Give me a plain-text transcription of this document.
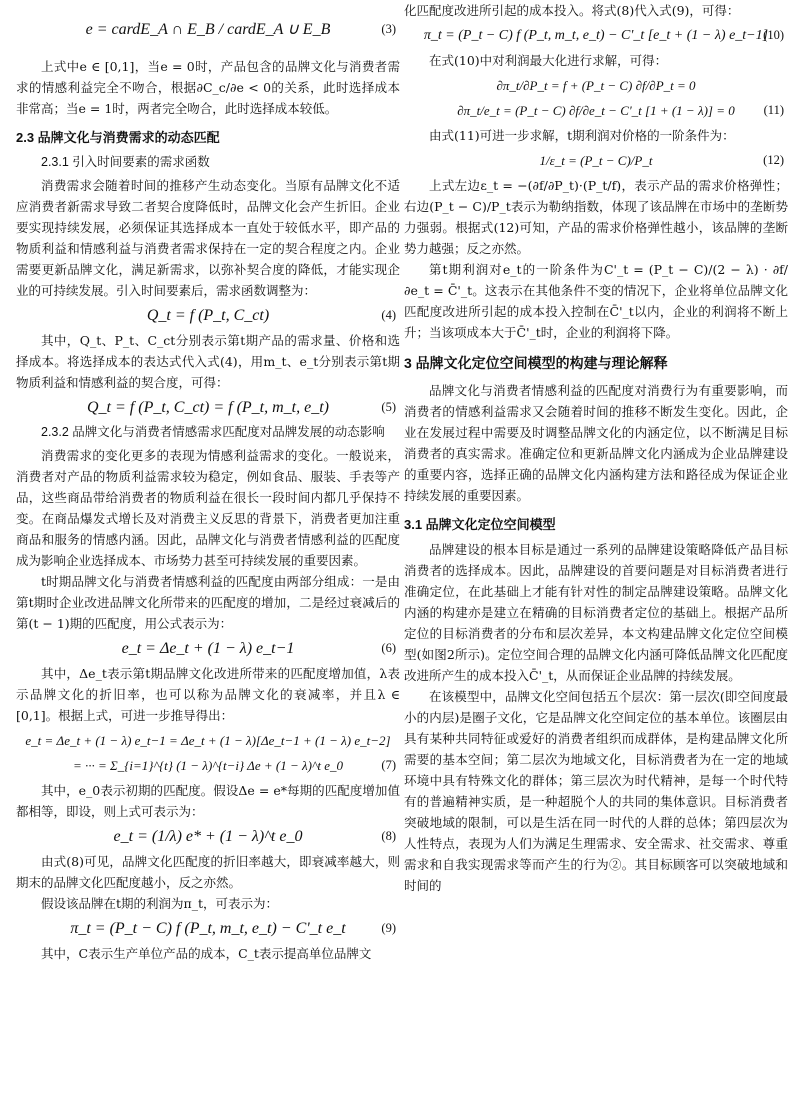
e = cardE_A ∩ E_B / cardE_A ∪ E_B	(3)

上式中e ∈ [0,1]，当e = 0时，产品包含的品牌文化与消费者需求的情感利益完全不吻合，根据∂C_c/∂e < 0的关系，此时选择成本非常高；当e = 1时，两者完全吻合，此时选择成本较低。

2.3 品牌文化与消费需求的动态匹配
2.3.1 引入时间要素的需求函数

消费需求会随着时间的推移产生动态变化。当原有品牌文化不适应消费者新需求导致二者契合度降低时，品牌文化会产生折旧。企业要实现持续发展，必须保证其选择成本一直处于较低水平，即产品的物质利益和情感利益与消费者需求保持在一定的契合程度之内。企业需要更新品牌文化，满足新需求，以弥补契合度的降低，才能实现企业的可持续发展。引入时间要素后，需求函数调整为：

Q_t = f (P_t, C_ct)	(4)

其中，Q_t、P_t、C_ct分别表示第t期产品的需求量、价格和选择成本。将选择成本的表达式代入式(4)，用m_t、e_t分别表示第t期物质利益和情感利益的契合度，可得：

Q_t = f (P_t, C_ct) = f (P_t, m_t, e_t)	(5)
2.3.2 品牌文化与消费者情感需求匹配度对品牌发展的动态影响

消费需求的变化更多的表现为情感利益需求的变化。一般说来，消费者对产品的物质利益需求较为稳定，例如食品、服装、手表等产品，这些商品带给消费者的物质利益在很长一段时间内都几乎保持不变。在商品爆发式增长及对消费主义反思的背景下，消费者更加注重商品和服务的情感内涵。因此，品牌文化与消费者情感利益的匹配度成为影响企业选择成本、市场势力甚至可持续发展的重要因素。

t时期品牌文化与消费者情感利益的匹配度由两部分组成：一是由第t期时企业改进品牌文化所带来的匹配度的增加，二是经过衰减后的第(t − 1)期的匹配度，用公式表示为：

e_t = Δe_t + (1 − λ) e_t−1	(6)

其中，Δe_t表示第t期品牌文化改进所带来的匹配度增加值，λ表示品牌文化的折旧率，也可以称为品牌文化的衰减率，并且λ ∈ [0,1]。根据上式，可进一步推导得出：

e_t = Δe_t + (1 − λ) e_t−1 = Δe_t + (1 − λ)[Δe_t−1 + (1 − λ) e_t−2]
= ··· = Σ_{i=1}^{t} (1 − λ)^{t−i} Δe + (1 − λ)^t e_0	(7)

其中，e_0表示初期的匹配度。假设Δe = e*每期的匹配度增加值都相等，即设，则上式可表示为：

e_t = (1/λ) e* + (1 − λ)^t e_0	(8)

由式(8)可见，品牌文化匹配度的折旧率越大，即衰减率越大，则期末的品牌文化匹配度越小，反之亦然。

假设该品牌在t期的利润为π_t，可表示为：

π_t = (P_t − C) f (P_t, m_t, e_t) − C'_t e_t	(9)

其中，C表示生产单位产品的成本，C_t表示提高单位品牌文

化匹配度改进所引起的成本投入。将式(8)代入式(9)，可得：

π_t = (P_t − C) f (P_t, m_t, e_t) − C'_t [e_t + (1 − λ) e_t−1]
(10)

在式(10)中对利润最大化进行求解，可得：

∂π_t/∂P_t = f + (P_t − C) ∂f/∂P_t = 0
∂π_t/e_t = (P_t − C) ∂f/∂e_t − C'_t [1 + (1 − λ)] = 0 (11)

由式(11)可进一步求解，t期利润对价格的一阶条件为：

1/ε_t = (P_t − C)/P_t	(12)

上式左边ε_t = −(∂f/∂P_t)·(P_t/f)，表示产品的需求价格弹性；右边(P_t − C)/P_t表示为勒纳指数，体现了该品牌在市场中的垄断势力强弱。根据式(12)可知，产品的需求价格弹性越小，该品牌的垄断势力越强；反之亦然。

第t期利润对e_t的一阶条件为C'_t = (P_t − C)/(2 − λ) · ∂f/∂e_t = C̄'_t。这表示在其他条件不变的情况下，企业将单位品牌文化匹配度改进所引起的成本投入控制在C̄'_t以内，企业的利润将不断上升；当该项成本大于C̄'_t时，企业的利润将下降。

3 品牌文化定位空间模型的构建与理论解释

品牌文化与消费者情感利益的匹配度对消费行为有重要影响，而消费者的情感利益需求又会随着时间的推移不断发生变化。因此，企业在发展过程中需要及时调整品牌文化的内涵定位，以不断满足目标消费者的真实需求。准确定位和更新品牌文化内涵成为企业品牌建设的重要内容，选择正确的品牌文化内涵构建方法和路径成为保证企业持续发展的重要因素。

3.1 品牌文化定位空间模型

品牌建设的根本目标是通过一系列的品牌建设策略降低产品目标消费者的选择成本。因此，品牌建设的首要问题是对目标消费者进行准确定位，在此基础上才能有针对性的制定品牌建设策略。品牌文化内涵的构建亦是建立在精确的目标消费者定位的基础上。根据产品所定位的目标消费者的分布和层次差异，本文构建品牌文化定位空间模型(如图2所示)。定位空间合理的品牌文化内涵可降低品牌文化匹配度改进所产生的成本投入C̄'_t，从而保证企业品牌的持续发展。

在该模型中，品牌文化空间包括五个层次：第一层次(即空间度最小的内层)是圈子文化，它是品牌文化空间定位的基本单位。该圈层由具有某种共同特征或爱好的消费者组织而成群体，是构建品牌文化所需要的基本空间；第二层次为地域文化，目标消费者为在一定的地域环境中具有特殊文化的群体；第三层次为时代精神，是每一个时代特有的普遍精神实质，是一种超脱个人的共同的集体意识。目标消费者突破地域的限制，可以是生活在同一时代的人群的总体；第四层次为人性特点，表现为人们为满足生理需求、安全需求、社交需求、尊重需求和自我实现需求等而产生的行为②。其目标顾客可以突破地域和时间的
